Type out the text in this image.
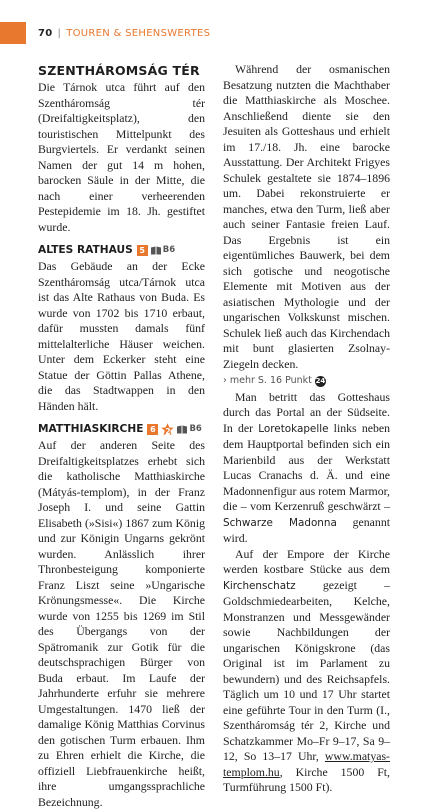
70 | TOUREN & SEHENSWERTES
SZENTHÁROMSÁG TÉR

Die Tárnok utca führt auf den Szentháromság tér (Dreifaltigkeitsplatz), den touristischen Mittelpunkt des Burgviertels. Er verdankt seinen Namen der gut 14 m hohen, barocken Säule in der Mitte, die nach einer verheerenden Pestepidemie im 18. Jh. gestiftet wurde.

ALTES RATHAUS 5	B6

Das Gebäude an der Ecke Szentháromság utca/Tárnok utca ist das Alte Rathaus von Buda. Es wurde von 1702 bis 1710 erbaut, dafür mussten damals fünf mittelalterliche Häuser weichen. Unter dem Eckerker steht eine Statue der Göttin Pallas Athene, die das Stadtwappen in den Händen hält.

MATTHIASKIRCHE 6	2	B6

Auf der anderen Seite des Dreifaltigkeitsplatzes erhebt sich die katholische Matthiaskirche (Mátyás-templom), in der Franz Joseph I. und seine Gattin Elisabeth (»Sisi«) 1867 zum König und zur Königin Ungarns gekrönt wurden. Anlässlich ihrer Thronbesteigung komponierte Franz Liszt seine »Ungarische Krönungsmesse«. Die Kirche wurde von 1255 bis 1269 im Stil des Übergangs von der Spätromanik zur Gotik für die deutschsprachigen Bürger von Buda erbaut. Im Laufe der Jahrhunderte erfuhr sie mehrere Umgestaltungen. 1470 ließ der damalige König Matthias Corvinus den gotischen Turm erbauen. Ihm zu Ehren erhielt die Kirche, die offiziell Liebfrauenkirche heißt, ihre umgangssprachliche Bezeichnung.

Während der osmanischen Besatzung nutzten die Machthaber die Matthiaskirche als Moschee. Anschließend diente sie den Jesuiten als Gotteshaus und erhielt im 17./18. Jh. eine barocke Ausstattung. Der Architekt Frigyes Schulek gestaltete sie 1874–1896 um. Dabei rekonstruierte er manches, etwa den Turm, ließ aber auch seiner Fantasie freien Lauf. Das Ergebnis ist ein eigentümliches Bauwerk, bei dem sich gotische und neogotische Elemente mit Motiven aus der asiatischen Mythologie und der ungarischen Volkskunst mischen. Schulek ließ auch das Kirchendach mit bunt glasierten Zsolnay-Ziegeln decken.

› mehr S. 16 Punkt 24

Man betritt das Gotteshaus durch das Portal an der Südseite. In der Loretokapelle links neben dem Hauptportal befinden sich ein Marienbild aus der Werkstatt Lucas Cranachs d. Ä. und eine Madonnenfigur aus rotem Marmor, die – vom Kerzenruß geschwärzt – Schwarze Madonna genannt wird.

Auf der Empore der Kirche werden kostbare Stücke aus dem Kirchenschatz gezeigt – Goldschmiedearbeiten, Kelche, Monstranzen und Messgewänder sowie Nachbildungen der ungarischen Königskrone (das Original ist im Parlament zu bewundern) und des Reichsapfels. Täglich um 10 und 17 Uhr startet eine geführte Tour in den Turm (I., Szentháromság tér 2, Kirche und Schatzkammer Mo–Fr 9–17, Sa 9–12, So 13–17 Uhr, www.matyas-templom.hu, Kirche 1500 Ft, Turmführung 1500 Ft).
